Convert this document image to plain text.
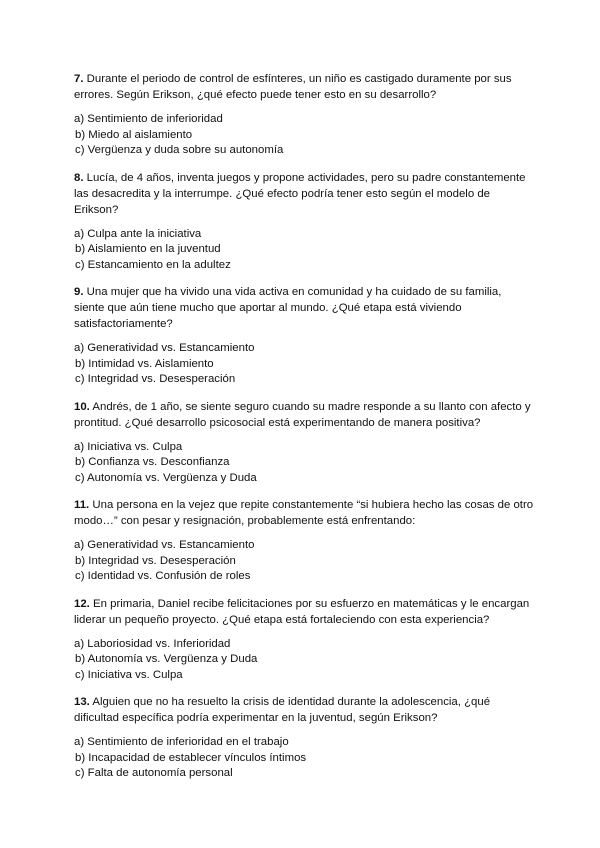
7. Durante el periodo de control de esfínteres, un niño es castigado duramente por sus errores. Según Erikson, ¿qué efecto puede tener esto en su desarrollo?

a) Sentimiento de inferioridad
b) Miedo al aislamiento
c) Vergüenza y duda sobre su autonomía

8. Lucía, de 4 años, inventa juegos y propone actividades, pero su padre constantemente las desacredita y la interrumpe. ¿Qué efecto podría tener esto según el modelo de Erikson?

a) Culpa ante la iniciativa
b) Aislamiento en la juventud
c) Estancamiento en la adultez

9. Una mujer que ha vivido una vida activa en comunidad y ha cuidado de su familia, siente que aún tiene mucho que aportar al mundo. ¿Qué etapa está viviendo satisfactoriamente?

a) Generatividad vs. Estancamiento
b) Intimidad vs. Aislamiento
c) Integridad vs. Desesperación

10. Andrés, de 1 año, se siente seguro cuando su madre responde a su llanto con afecto y prontitud. ¿Qué desarrollo psicosocial está experimentando de manera positiva?

a) Iniciativa vs. Culpa
b) Confianza vs. Desconfianza
c) Autonomía vs. Vergüenza y Duda

11. Una persona en la vejez que repite constantemente “si hubiera hecho las cosas de otro modo…” con pesar y resignación, probablemente está enfrentando:

a) Generatividad vs. Estancamiento
b) Integridad vs. Desesperación
c) Identidad vs. Confusión de roles

12. En primaria, Daniel recibe felicitaciones por su esfuerzo en matemáticas y le encargan liderar un pequeño proyecto. ¿Qué etapa está fortaleciendo con esta experiencia?

a) Laboriosidad vs. Inferioridad
b) Autonomía vs. Vergüenza y Duda
c) Iniciativa vs. Culpa

13. Alguien que no ha resuelto la crisis de identidad durante la adolescencia, ¿qué dificultad específica podría experimentar en la juventud, según Erikson?

a) Sentimiento de inferioridad en el trabajo
b) Incapacidad de establecer vínculos íntimos
c) Falta de autonomía personal
